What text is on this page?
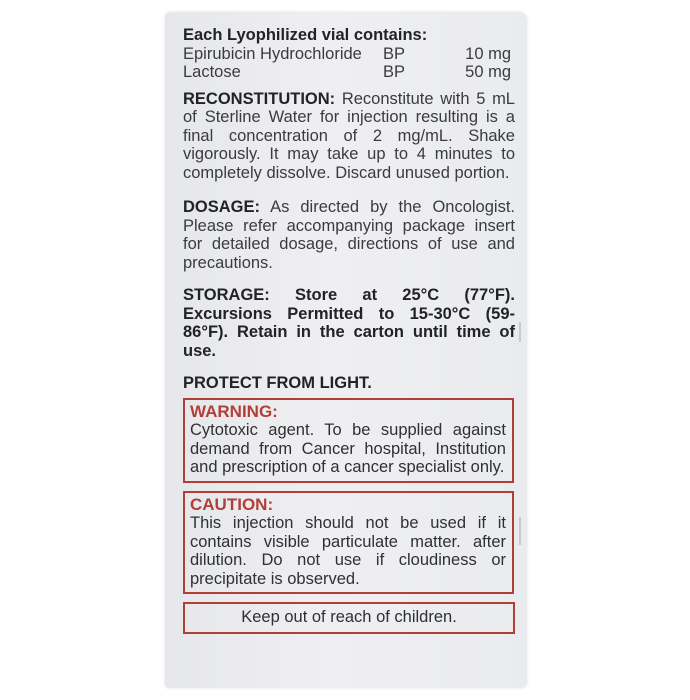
Each Lyophilized vial contains:
Epirubicin Hydrochloride	BP	10 mg
Lactose	BP	50 mg
RECONSTITUTION: Reconstitute with 5 mL of Sterline Water for injection resulting is a final concentration of 2 mg/mL. Shake vigorously. It may take up to 4 minutes to completely dissolve. Discard unused portion.
DOSAGE: As directed by the Oncologist. Please refer accompanying package insert for detailed dosage, directions of use and precautions.
STORAGE: Store at 25°C (77°F). Excursions Permitted to 15-30°C (59-86°F). Retain in the carton until time of use.
PROTECT FROM LIGHT.
WARNING:
Cytotoxic agent. To be supplied against demand from Cancer hospital, Institution and prescription of a cancer specialist only.
CAUTION:
This injection should not be used if it contains visible particulate matter. after dilution. Do not use if cloudiness or precipitate is observed.
Keep out of reach of children.
